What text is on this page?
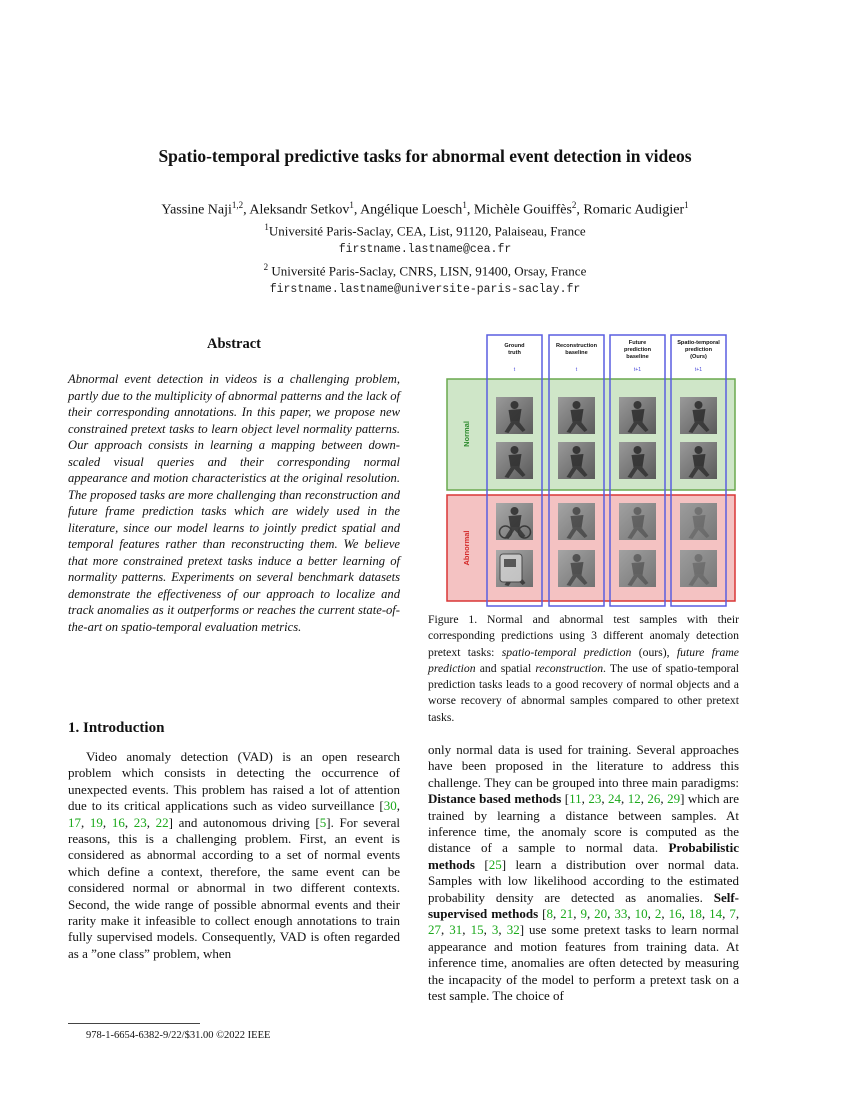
Spatio-temporal predictive tasks for abnormal event detection in videos
Yassine Naji$^{1,2}$, Aleksandr Setkov$^1$, Angélique Loesch$^1$, Michèle Gouiffès$^2$, Romaric Audigier$^1$
$^1$Université Paris-Saclay, CEA, List, 91120, Palaiseau, France
firstname.lastname@cea.fr
$^2$ Université Paris-Saclay, CNRS, LISN, 91400, Orsay, France
firstname.lastname@universite-paris-saclay.fr
Abstract
Abnormal event detection in videos is a challenging problem, partly due to the multiplicity of abnormal patterns and the lack of their corresponding annotations. In this paper, we propose new constrained pretext tasks to learn object level normality patterns. Our approach consists in learning a mapping between down-scaled visual queries and their corresponding normal appearance and motion characteristics at the original resolution. The proposed tasks are more challenging than reconstruction and future frame prediction tasks which are widely used in the literature, since our model learns to jointly predict spatial and temporal features rather than reconstructing them. We believe that more constrained pretext tasks induce a better learning of normality patterns. Experiments on several benchmark datasets demonstrate the effectiveness of our approach to localize and track anomalies as it outperforms or reaches the current state-of-the-art on spatio-temporal evaluation metrics.
Normal
Abnormal
Ground
truth
t
Reconstruction
baseline
t
Future
prediction
baseline
t+1
Spatio-temporal
prediction
(Ours)
t+1
Figure 1. Normal and abnormal test samples with their corresponding predictions using 3 different anomaly detection pretext tasks: spatio-temporal prediction (ours), future frame prediction and spatial reconstruction. The use of spatio-temporal prediction tasks leads to a good recovery of normal objects and a worse recovery of abnormal samples compared to other pretext tasks.
1. Introduction

Video anomaly detection (VAD) is an open research problem which consists in detecting the occurrence of unexpected events. This problem has raised a lot of attention due to its critical applications such as video surveillance [30, 17, 19, 16, 23, 22] and autonomous driving [5]. For several reasons, this is a challenging problem. First, an event is considered as abnormal according to a set of normal events which define a context, therefore, the same event can be considered normal or abnormal in two different contexts. Second, the wide range of possible abnormal events and their rarity make it infeasible to collect enough annotations to train fully supervised models. Consequently, VAD is often regarded as a ”one class” problem, when

only normal data is used for training. Several approaches have been proposed in the literature to address this challenge. They can be grouped into three main paradigms: Distance based methods [11, 23, 24, 12, 26, 29] which are trained by learning a distance between samples. At inference time, the anomaly score is computed as the distance of a sample to normal data. Probabilistic methods [25] learn a distribution over normal data. Samples with low likelihood according to the estimated probability density are detected as anomalies. Self-supervised methods [8, 21, 9, 20, 33, 10, 2, 16, 18, 14, 7, 27, 31, 15, 3, 32] use some pretext tasks to learn normal appearance and motion features from training data. At inference time, anomalies are often detected by measuring the incapacity of the model to perform a pretext task on a test sample. The choice of

978-1-6654-6382-9/22/$31.00 ©2022 IEEE
